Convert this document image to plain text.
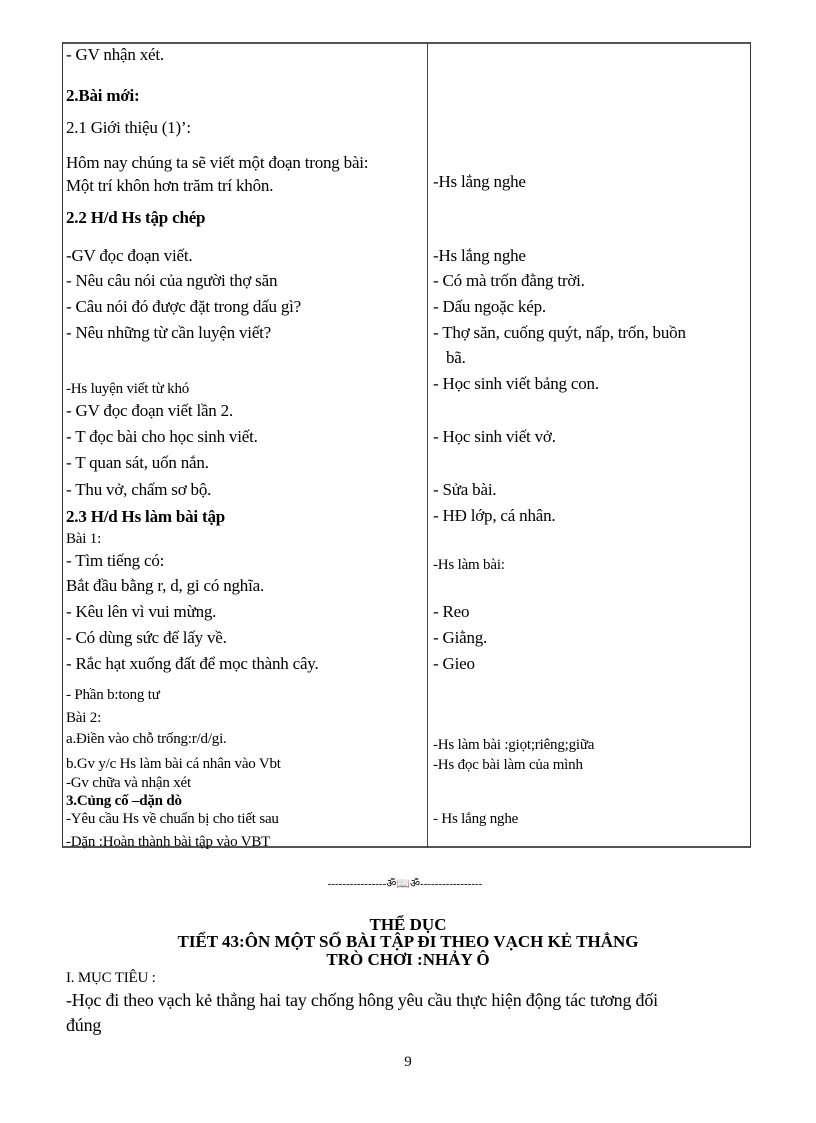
- GV nhận xét.
2.Bài mới:
2.1 Giới thiệu (1)’:
Hôm nay chúng ta sẽ viết một đoạn trong bài:
Một trí khôn hơn trăm trí khôn.
2.2 H/d Hs tập chép
-GV đọc đoạn viết.
- Nêu câu nói của người thợ săn
- Câu nói đó được đặt trong dấu gì?
- Nêu những từ cần luyện viết?
-Hs luyện viết từ khó
- GV đọc đoạn viết lần 2.
- T đọc bài cho học sinh viết.
- T quan sát, uốn nắn.
- Thu vở, chấm sơ bộ.
2.3 H/d Hs làm bài tập
Bài 1:
- Tìm tiếng có:
Bắt đầu bằng r, d, gi có nghĩa.
- Kêu lên vì vui mừng.
- Có dùng sức để lấy về.
- Rắc hạt xuống đất để mọc thành cây.
- Phần b:tong tư
Bài 2:
a.Điền vào chỗ trống:r/d/gi.
b.Gv y/c Hs làm bài cá nhân vào Vbt
-Gv chữa và nhận xét
3.Củng cố –dặn dò
-Yêu cầu Hs về chuẩn bị cho tiết sau
-Dặn :Hoàn thành bài tập vào VBT
-Hs lắng nghe
-Hs lắng nghe
- Có mà trốn đằng trời.
- Dấu ngoặc kép.
- Thợ săn, cuống quýt, nấp, trốn, buồn
bã.
- Học sinh viết bảng con.
- Học sinh viết vở.
- Sửa bài.
- HĐ lớp, cá nhân.
-Hs làm bài:
- Reo
- Giằng.
- Gieo
-Hs làm bài :giọt;riêng;giữa
-Hs đọc bài làm của mình
- Hs lắng nghe
----------------ॐ📖ॐ-----------------
THỂ DỤC
TIẾT 43:ÔN MỘT SỐ BÀI TẬP ĐI THEO VẠCH KẺ THẲNG
TRÒ CHƠI :NHẢY Ô
I. MỤC TIÊU :
-Học đi theo vạch kẻ thẳng hai tay chống hông yêu cầu thực hiện động tác tương đối
đúng
9
